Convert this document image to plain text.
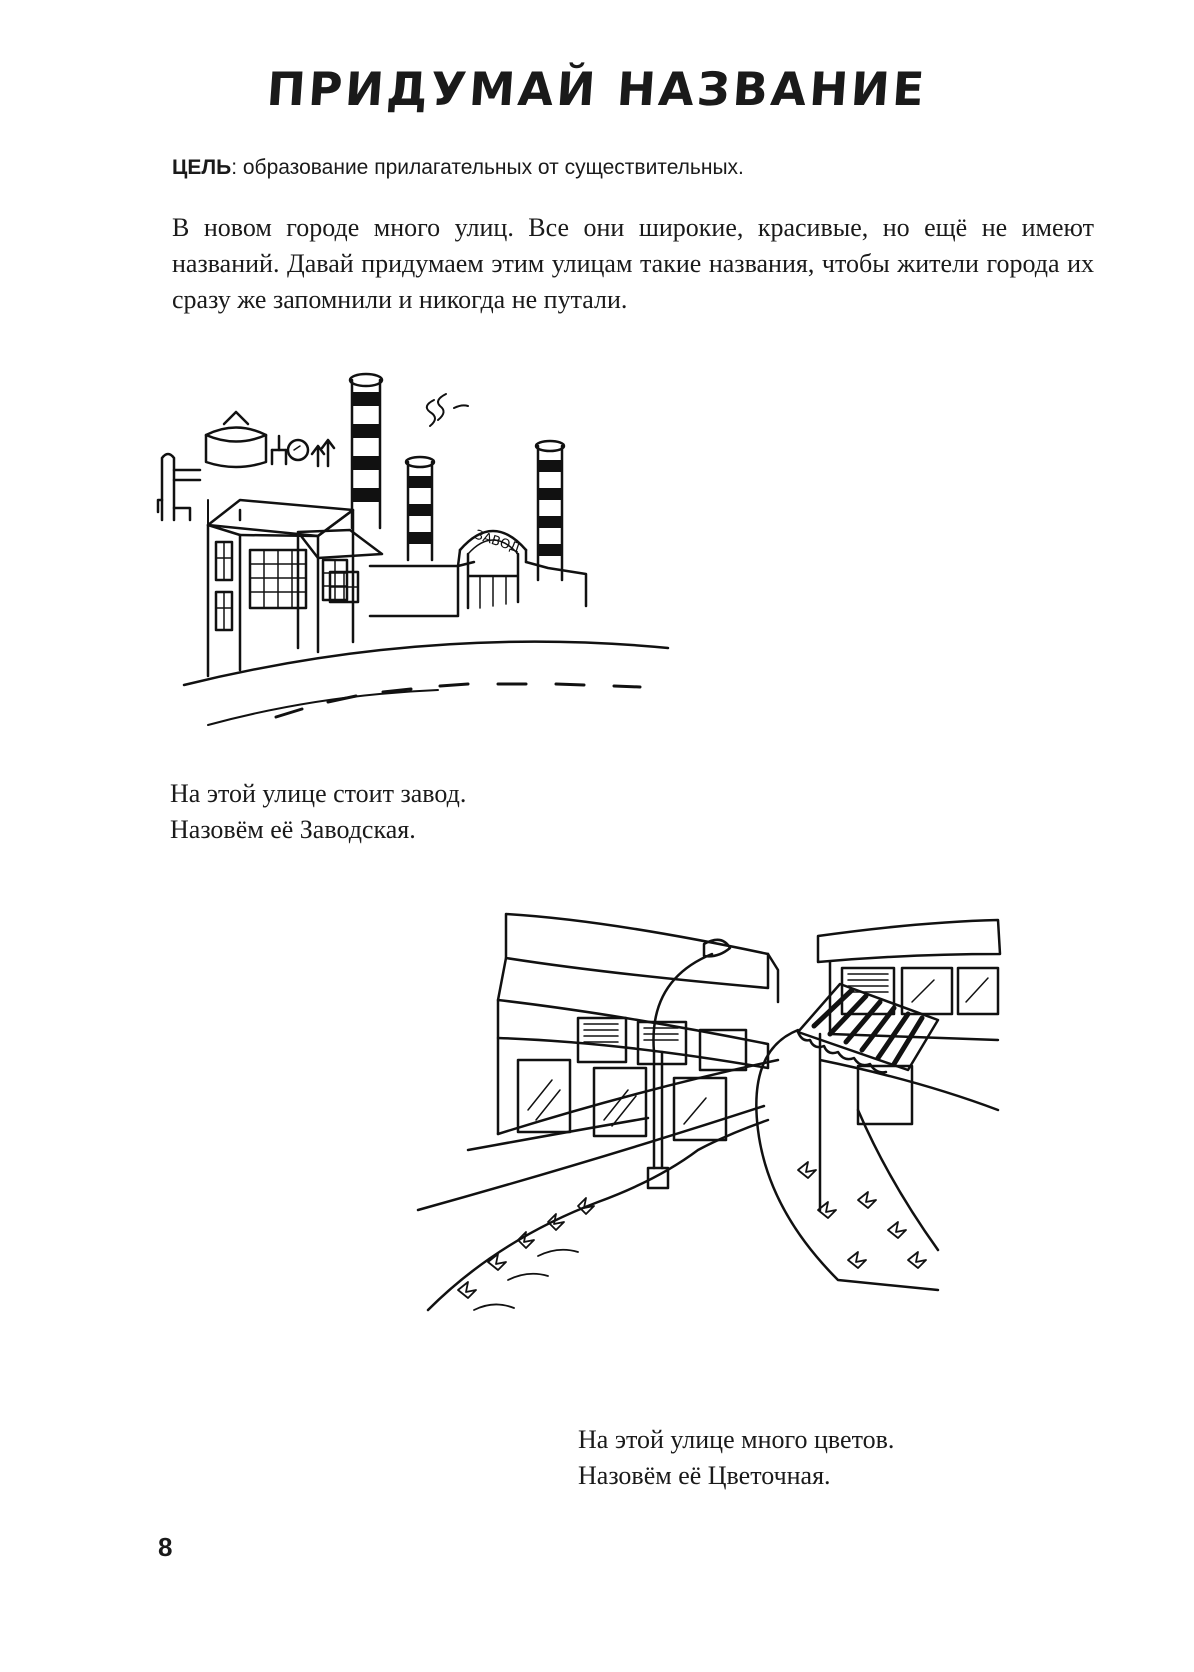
ПРИДУМАЙ НАЗВАНИЕ
ЦЕЛЬ: образование прилагательных от существительных.
В новом городе много улиц. Все они широкие, красивые, но ещё не имеют названий. Давай придумаем этим улицам такие названия, чтобы жители города их сразу же запомнили и никогда не путали.
ЗАВОД
На этой улице стоит завод.
Назовём её Заводская.
На этой улице много цветов.
Назовём её Цветочная.
8
